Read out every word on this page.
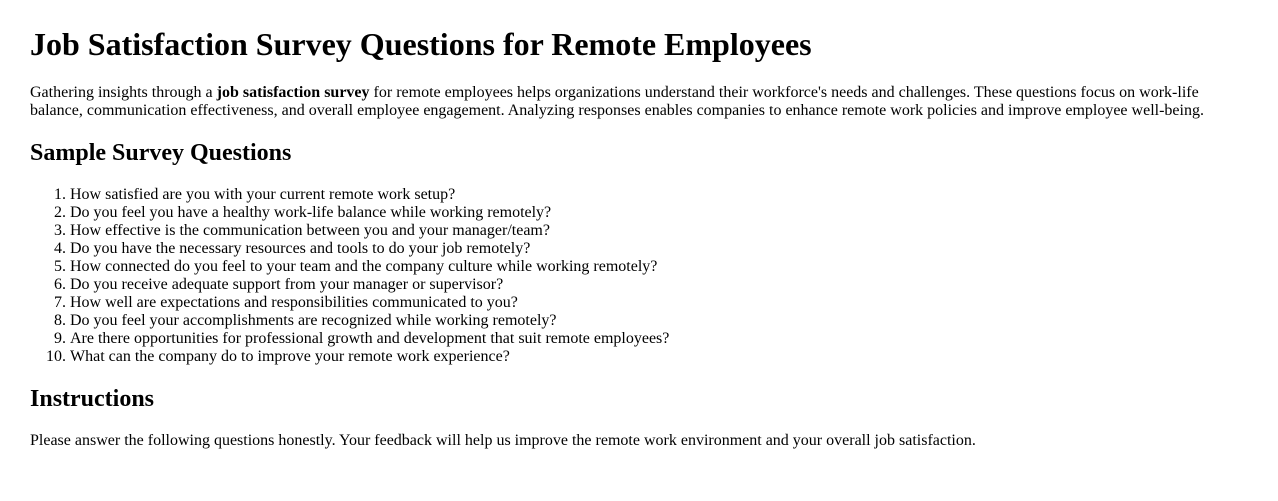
Job Satisfaction Survey Questions for Remote Employees

Gathering insights through a job satisfaction survey for remote employees helps organizations understand their workforce's needs and challenges. These questions focus on work-life balance, communication effectiveness, and overall employee engagement. Analyzing responses enables companies to enhance remote work policies and improve employee well-being.

Sample Survey Questions
1. How satisfied are you with your current remote work setup?
2. Do you feel you have a healthy work-life balance while working remotely?
3. How effective is the communication between you and your manager/team?
4. Do you have the necessary resources and tools to do your job remotely?
5. How connected do you feel to your team and the company culture while working remotely?
6. Do you receive adequate support from your manager or supervisor?
7. How well are expectations and responsibilities communicated to you?
8. Do you feel your accomplishments are recognized while working remotely?
9. Are there opportunities for professional growth and development that suit remote employees?
10. What can the company do to improve your remote work experience?
Instructions

Please answer the following questions honestly. Your feedback will help us improve the remote work environment and your overall job satisfaction.
